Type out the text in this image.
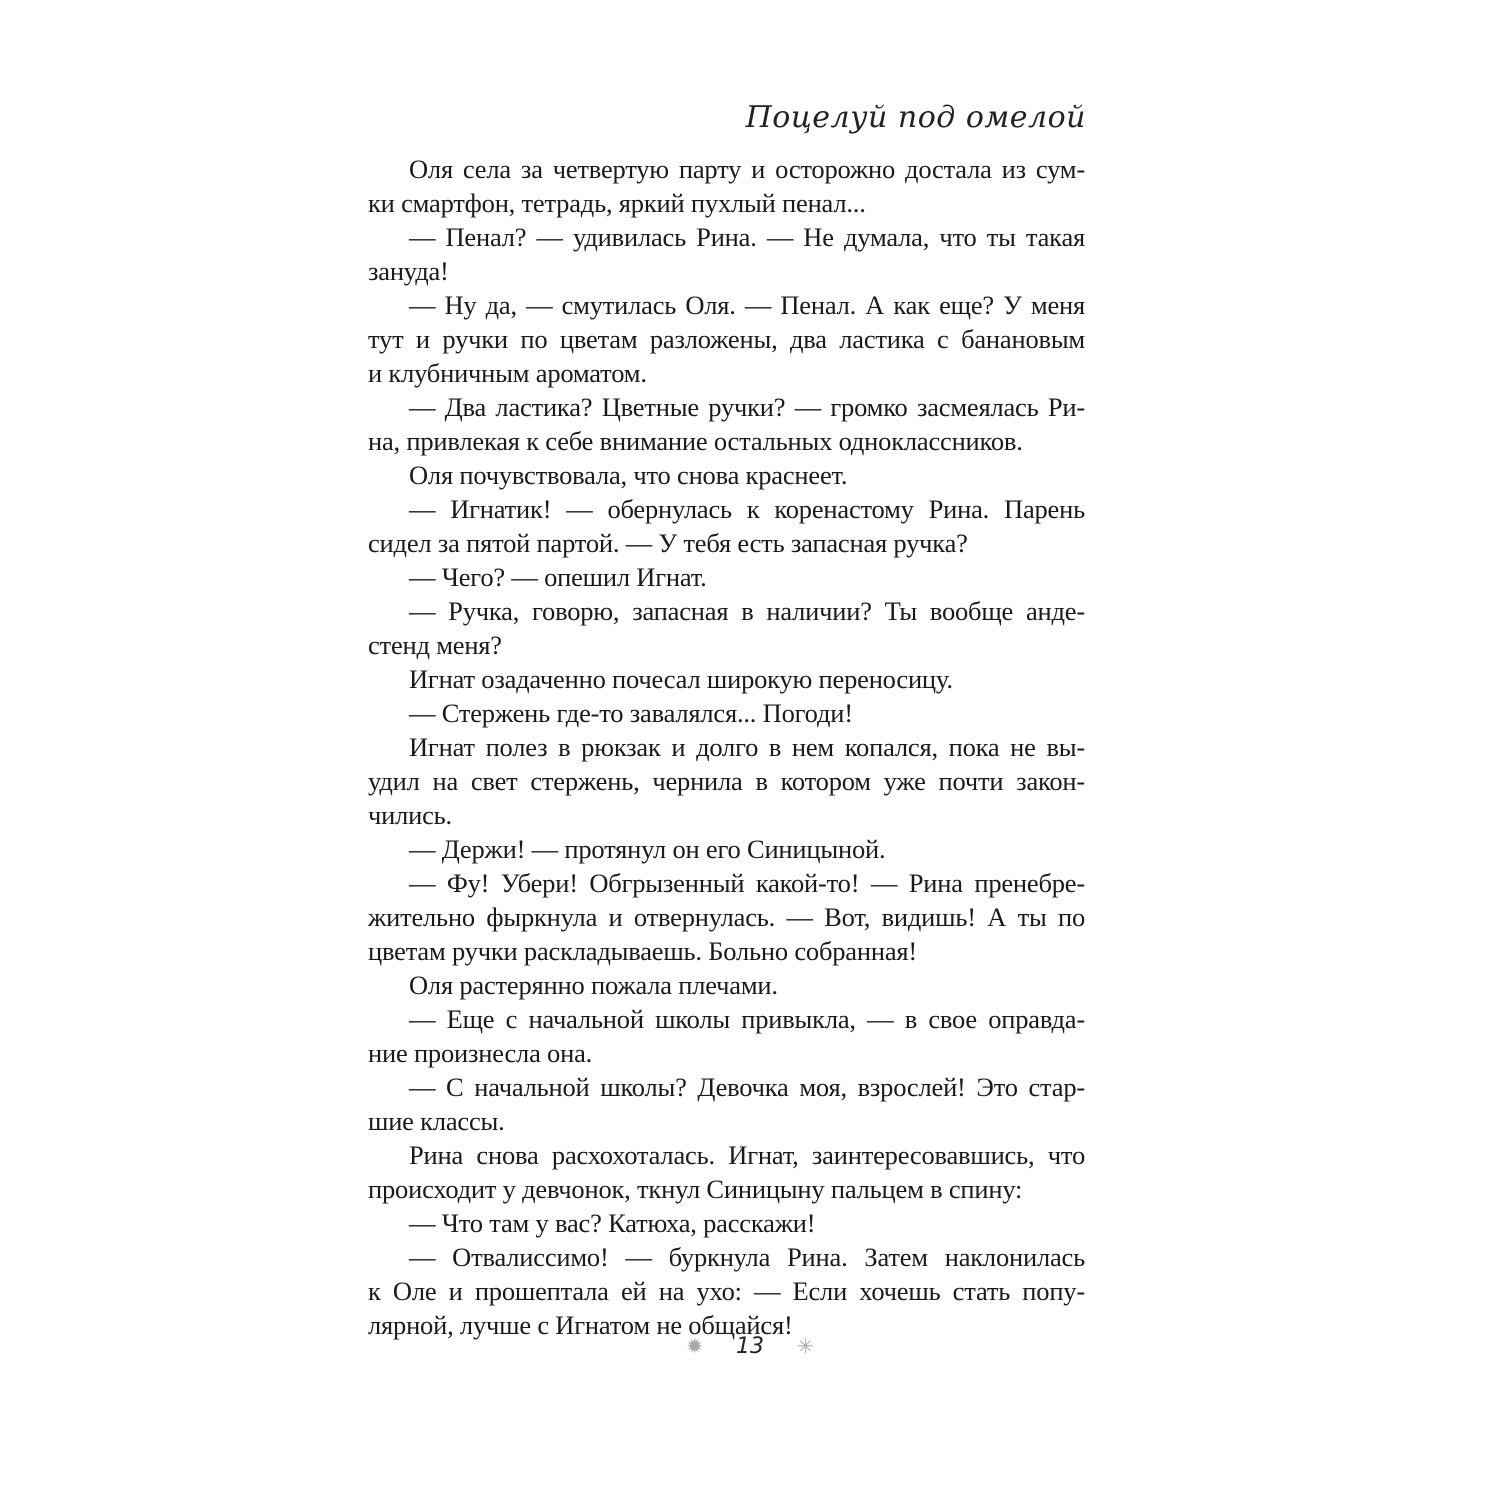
Поцелуй под омелой
Оля села за четвертую парту и осторожно достала из сум-
ки смартфон, тетрадь, яркий пухлый пенал...
— Пенал? — удивилась Рина. — Не думала, что ты такая
зануда!
— Ну да, — смутилась Оля. — Пенал. А как еще? У меня
тут и ручки по цветам разложены, два ластика с банановым
и клубничным ароматом.
— Два ластика? Цветные ручки? — громко засмеялась Ри-
на, привлекая к себе внимание остальных одноклассников.
Оля почувствовала, что снова краснеет.
— Игнатик! — обернулась к коренастому Рина. Парень
сидел за пятой партой. — У тебя есть запасная ручка?
— Чего? — опешил Игнат.
— Ручка, говорю, запасная в наличии? Ты вообще анде-
стенд меня?
Игнат озадаченно почесал широкую переносицу.
— Стержень где-то завалялся... Погоди!
Игнат полез в рюкзак и долго в нем копался, пока не вы-
удил на свет стержень, чернила в котором уже почти закон-
чились.
— Держи! — протянул он его Синицыной.
— Фу! Убери! Обгрызенный какой-то! — Рина пренебре-
жительно фыркнула и отвернулась. — Вот, видишь! А ты по
цветам ручки раскладываешь. Больно собранная!
Оля растерянно пожала плечами.
— Еще с начальной школы привыкла, — в свое оправда-
ние произнесла она.
— С начальной школы? Девочка моя, взрослей! Это стар-
шие классы.
Рина снова расхохоталась. Игнат, заинтересовавшись, что
происходит у девчонок, ткнул Синицыну пальцем в спину:
— Что там у вас? Катюха, расскажи!
— Отвалиссимо! — буркнула Рина. Затем наклонилась
к Оле и прошептала ей на ухо: — Если хочешь стать попу-
лярной, лучше с Игнатом не общайся!
✹ 13 ✳
